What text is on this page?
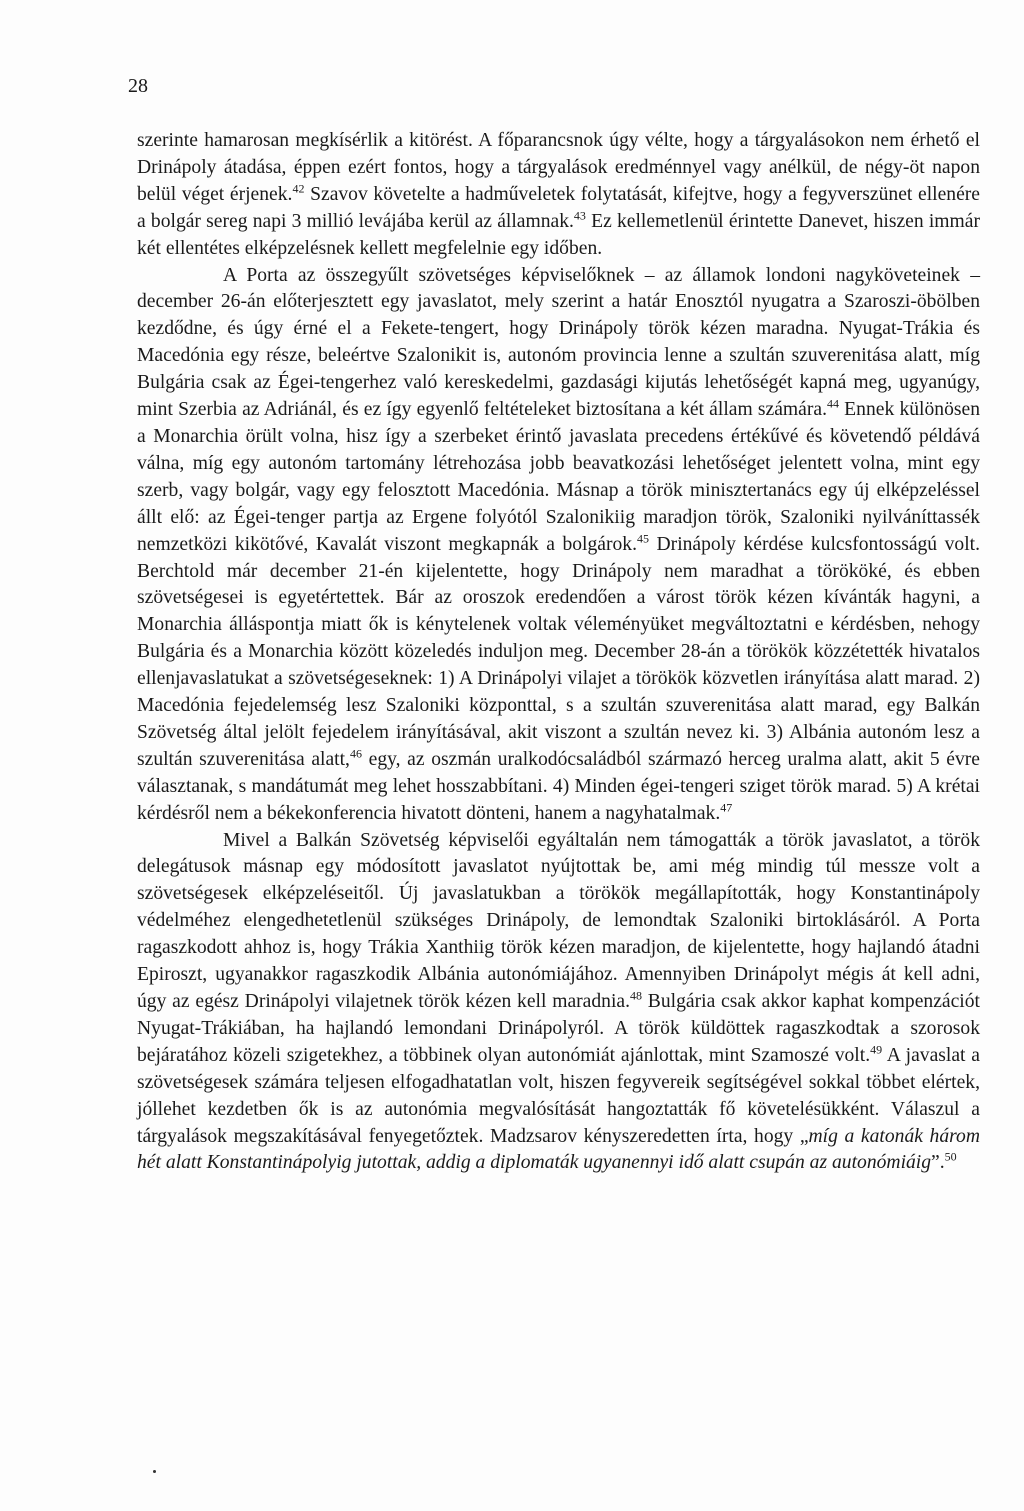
28

szerinte hamarosan megkísérlik a kitörést. A főparancsnok úgy vélte, hogy a tárgyalásokon nem érhető el Drinápoly átadása, éppen ezért fontos, hogy a tárgyalások eredménnyel vagy anélkül, de négy-öt napon belül véget érjenek.$^{42}$ Szavov követelte a hadműveletek folytatását, kifejtve, hogy a fegyverszünet ellenére a bolgár sereg napi 3 millió levájába kerül az államnak.$^{43}$ Ez kellemetlenül érintette Danevet, hiszen immár két ellentétes elképzelésnek kellett megfelelnie egy időben.

A Porta az összegyűlt szövetséges képviselőknek – az államok londoni nagyköveteinek – december 26-án előterjesztett egy javaslatot, mely szerint a határ Enosztól nyugatra a Szaroszi-öbölben kezdődne, és úgy érné el a Fekete-tengert, hogy Drinápoly török kézen maradna. Nyugat-Trákia és Macedónia egy része, beleértve Szalonikit is, autonóm provincia lenne a szultán szuverenitása alatt, míg Bulgária csak az Égei-tengerhez való kereskedelmi, gazdasági kijutás lehetőségét kapná meg, ugyanúgy, mint Szerbia az Adriánál, és ez így egyenlő feltételeket biztosítana a két állam számára.$^{44}$ Ennek különösen a Monarchia örült volna, hisz így a szerbeket érintő javaslata precedens értékűvé és követendő példává válna, míg egy autonóm tartomány létrehozása jobb beavatkozási lehetőséget jelentett volna, mint egy szerb, vagy bolgár, vagy egy felosztott Macedónia. Másnap a török minisztertanács egy új elképzeléssel állt elő: az Égei-tenger partja az Ergene folyótól Szalonikiig maradjon török, Szaloniki nyilváníttassék nemzetközi kikötővé, Kavalát viszont megkapnák a bolgárok.$^{45}$ Drinápoly kérdése kulcsfontosságú volt. Berchtold már december 21-én kijelentette, hogy Drinápoly nem maradhat a törököké, és ebben szövetségesei is egyetértettek. Bár az oroszok eredendően a várost török kézen kívánták hagyni, a Monarchia álláspontja miatt ők is kénytelenek voltak véleményüket megváltoztatni e kérdésben, nehogy Bulgária és a Monarchia között közeledés induljon meg. December 28-án a törökök közzétették hivatalos ellenjavaslatukat a szövetségeseknek: 1) A Drinápolyi vilajet a törökök közvetlen irányítása alatt marad. 2) Macedónia fejedelemség lesz Szaloniki központtal, s a szultán szuverenitása alatt marad, egy Balkán Szövetség által jelölt fejedelem irányításával, akit viszont a szultán nevez ki. 3) Albánia autonóm lesz a szultán szuverenitása alatt,$^{46}$ egy, az oszmán uralkodócsaládból származó herceg uralma alatt, akit 5 évre választanak, s mandátumát meg lehet hosszabbítani. 4) Minden égei-tengeri sziget török marad. 5) A krétai kérdésről nem a békekonferencia hivatott dönteni, hanem a nagyhatalmak.$^{47}$

Mivel a Balkán Szövetség képviselői egyáltalán nem támogatták a török javaslatot, a török delegátusok másnap egy módosított javaslatot nyújtottak be, ami még mindig túl messze volt a szövetségesek elképzeléseitől. Új javaslatukban a törökök megállapították, hogy Konstantinápoly védelméhez elengedhetetlenül szükséges Drinápoly, de lemondtak Szaloniki birtoklásáról. A Porta ragaszkodott ahhoz is, hogy Trákia Xanthiig török kézen maradjon, de kijelentette, hogy hajlandó átadni Epiroszt, ugyanakkor ragaszkodik Albánia autonómiájához. Amennyiben Drinápolyt mégis át kell adni, úgy az egész Drinápolyi vilajetnek török kézen kell maradnia.$^{48}$ Bulgária csak akkor kaphat kompenzációt Nyugat-Trákiában, ha hajlandó lemondani Drinápolyról. A török küldöttek ragaszkodtak a szorosok bejáratához közeli szigetekhez, a többinek olyan autonómiát ajánlottak, mint Szamoszé volt.$^{49}$ A javaslat a szövetségesek számára teljesen elfogadhatatlan volt, hiszen fegyvereik segítségével sokkal többet elértek, jóllehet kezdetben ők is az autonómia megvalósítását hangoztatták fő követelésükként. Válaszul a tárgyalások megszakításával fenyegetőztek. Madzsarov kényszeredetten írta, hogy „míg a katonák három hét alatt Konstantinápolyig jutottak, addig a diplomaták ugyanennyi idő alatt csupán az autonómiáig”.$^{50}$
